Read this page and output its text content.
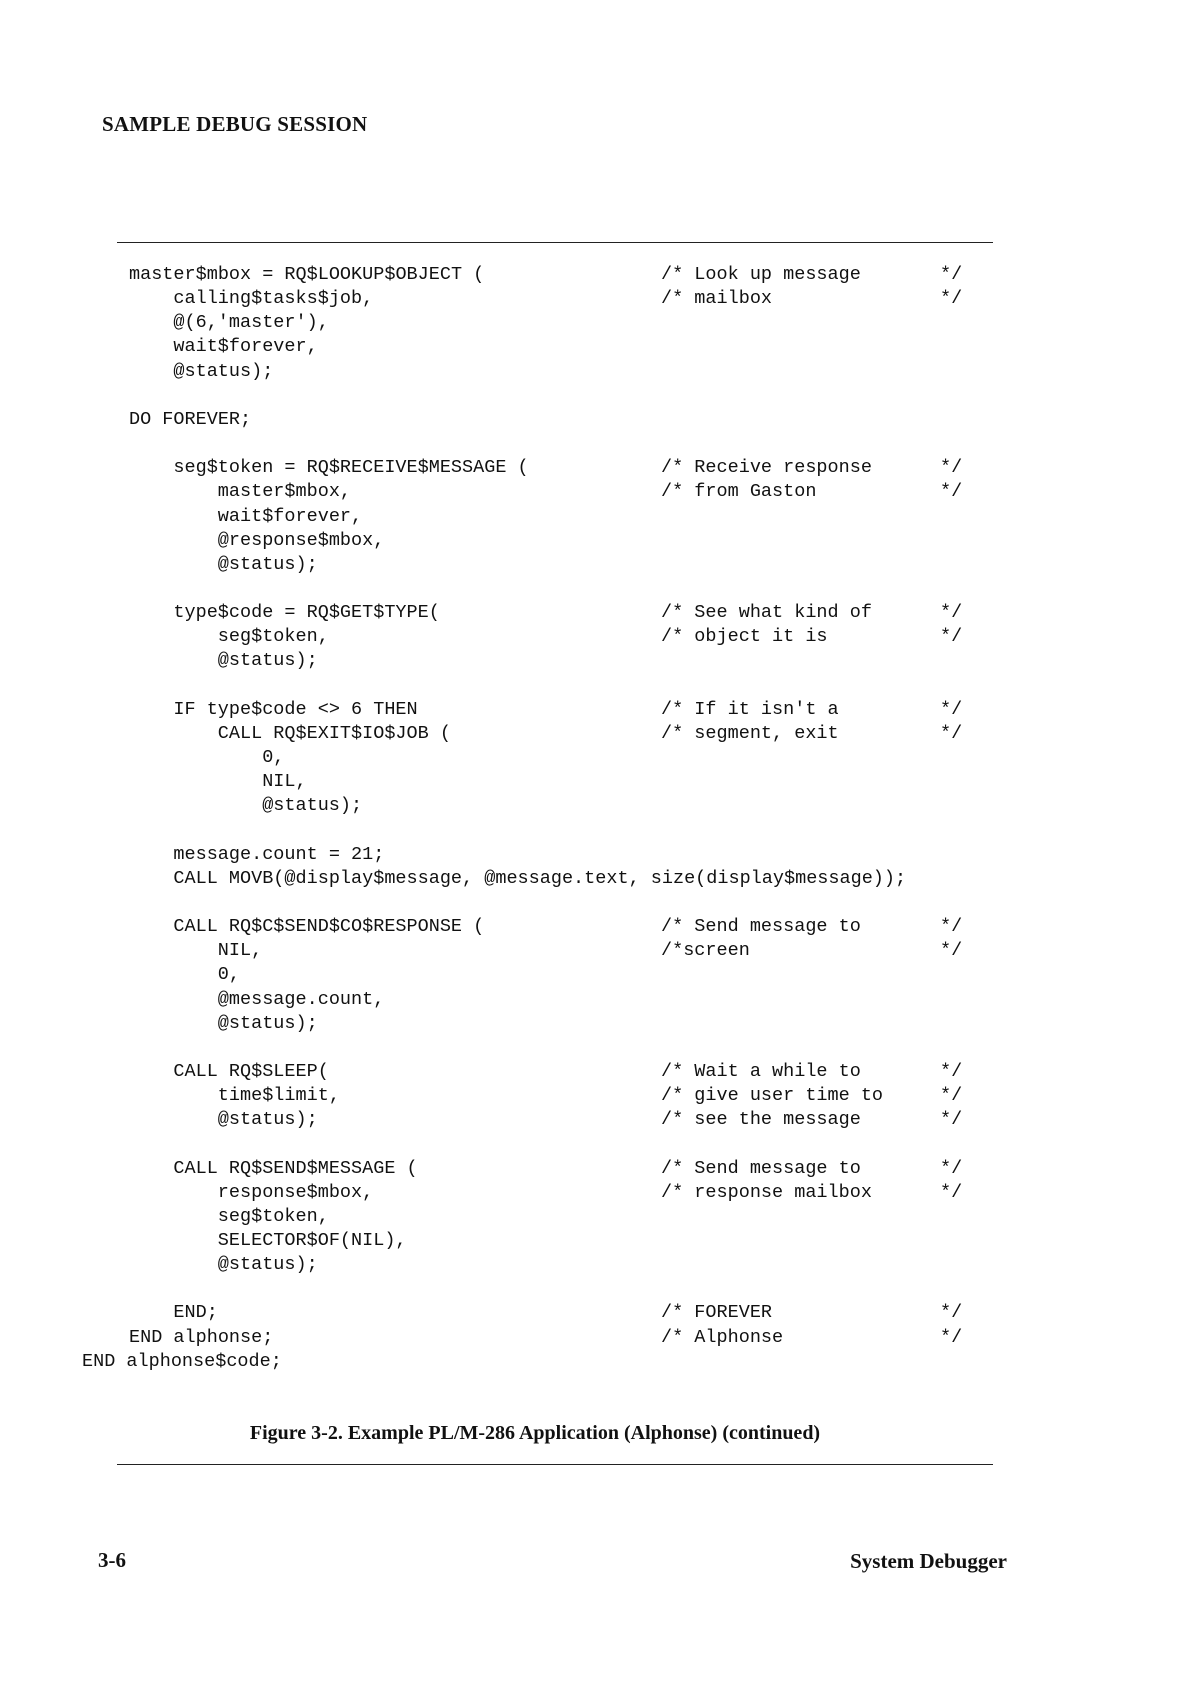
SAMPLE DEBUG SESSION
master$mbox = RQ$LOOKUP$OBJECT (	/* Look up message	*/
calling$tasks$job,	/* mailbox	*/
@(6,'master'),
wait$forever,
@status);
DO FOREVER;
seg$token = RQ$RECEIVE$MESSAGE (	/* Receive response	*/
master$mbox,	/* from Gaston	*/
wait$forever,
@response$mbox,
@status);
type$code = RQ$GET$TYPE(	/* See what kind of	*/
seg$token,	/* object it is	*/
@status);
IF type$code <> 6 THEN	/* If it isn't a	*/
CALL RQ$EXIT$IO$JOB (	/* segment, exit	*/
0,
NIL,
@status);
message.count = 21;
CALL MOVB(@display$message, @message.text, size(display$message));
CALL RQ$C$SEND$CO$RESPONSE (	/* Send message to	*/
NIL,	/*screen	*/
0,
@message.count,
@status);
CALL RQ$SLEEP(	/* Wait a while to	*/
time$limit,	/* give user time to	*/
@status);	/* see the message	*/
CALL RQ$SEND$MESSAGE (	/* Send message to	*/
response$mbox,	/* response mailbox	*/
seg$token,
SELECTOR$OF(NIL),
@status);
END;	/* FOREVER	*/
END alphonse;	/* Alphonse	*/
END alphonse$code;
Figure 3-2. Example PL/M-286 Application (Alphonse) (continued)
3-6	System Debugger
